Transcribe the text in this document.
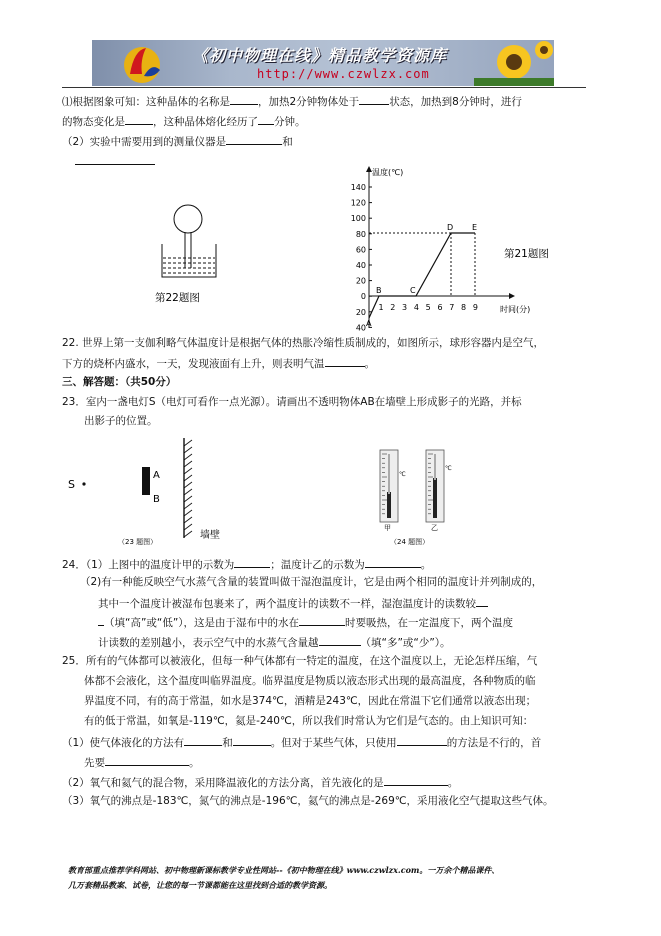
《初中物理在线》精品教学资源库
http://www.czwlzx.com
⑴根据图象可知：这种晶体的名称是	，加热2分钟物体处于	状态，加热到8分钟时，进行
的物态变化是	，这种晶体熔化经历了 分钟。
（2）实验中需要用到的测量仪器是	和
第22题图
温度(℃)
时间(分)
140
120
100
80
60
40
20
0
20
40
1 2 3 4 5 6 7 8 9
A
B	C
D E
第21题图
22. 世界上第一支伽利略气体温度计是根据气体的热胀冷缩性质制成的，如图所示，球形容器内是空气，
下方的烧杯内盛水，一天，发现液面有上升，则表明气温	。
三、解答题：（共50分）
23．室内一盏电灯S（电灯可看作一点光源）。请画出不透明物体AB在墙壁上形成影子的光路，并标
出影子的位置。
S
A
B
墙壁
（23 题图）
℃
甲
℃
乙
（24 题图）
24．（1）上图中的温度计甲的示数为	；温度计乙的示数为	。
（2)有一种能反映空气水蒸气含量的装置叫做干湿泡温度计，它是由两个相同的温度计并列制成的，
其中一个温度计被湿布包裹来了，两个温度计的读数不一样，湿泡温度计的读数较
（填“高”或“低”），这是由于湿布中的水在	时要吸热，在一定温度下，两个温度
计读数的差别越小，表示空气中的水蒸气含量越	（填“多”或“少”）。
25．所有的气体都可以被液化，但每一种气体都有一特定的温度，在这个温度以上，无论怎样压缩，气
体都不会液化，这个温度叫临界温度。临界温度是物质以液态形式出现的最高温度，各种物质的临
界温度不同，有的高于常温，如水是374℃，酒精是243℃，因此在常温下它们通常以液态出现；
有的低于常温，如氧是-119℃，氦是-240℃，所以我们时常认为它们是气态的。由上知识可知：
（1）使气体液化的方法有	和	。但对于某些气体，只使用	的方法是不行的，首
先要	。
（2）氧气和氦气的混合物，采用降温液化的方法分离，首先液化的是	。
（3）氧气的沸点是-183℃，氮气的沸点是-196℃，氦气的沸点是-269℃，采用液化空气提取这些气体。
教育部重点推荐学科网站、初中物理新课标教学专业性网站--《初中物理在线》www.czwlzx.com。一万余个精品课件、
几万套精品教案、试卷，让您的每一节课都能在这里找到合适的教学资源。
